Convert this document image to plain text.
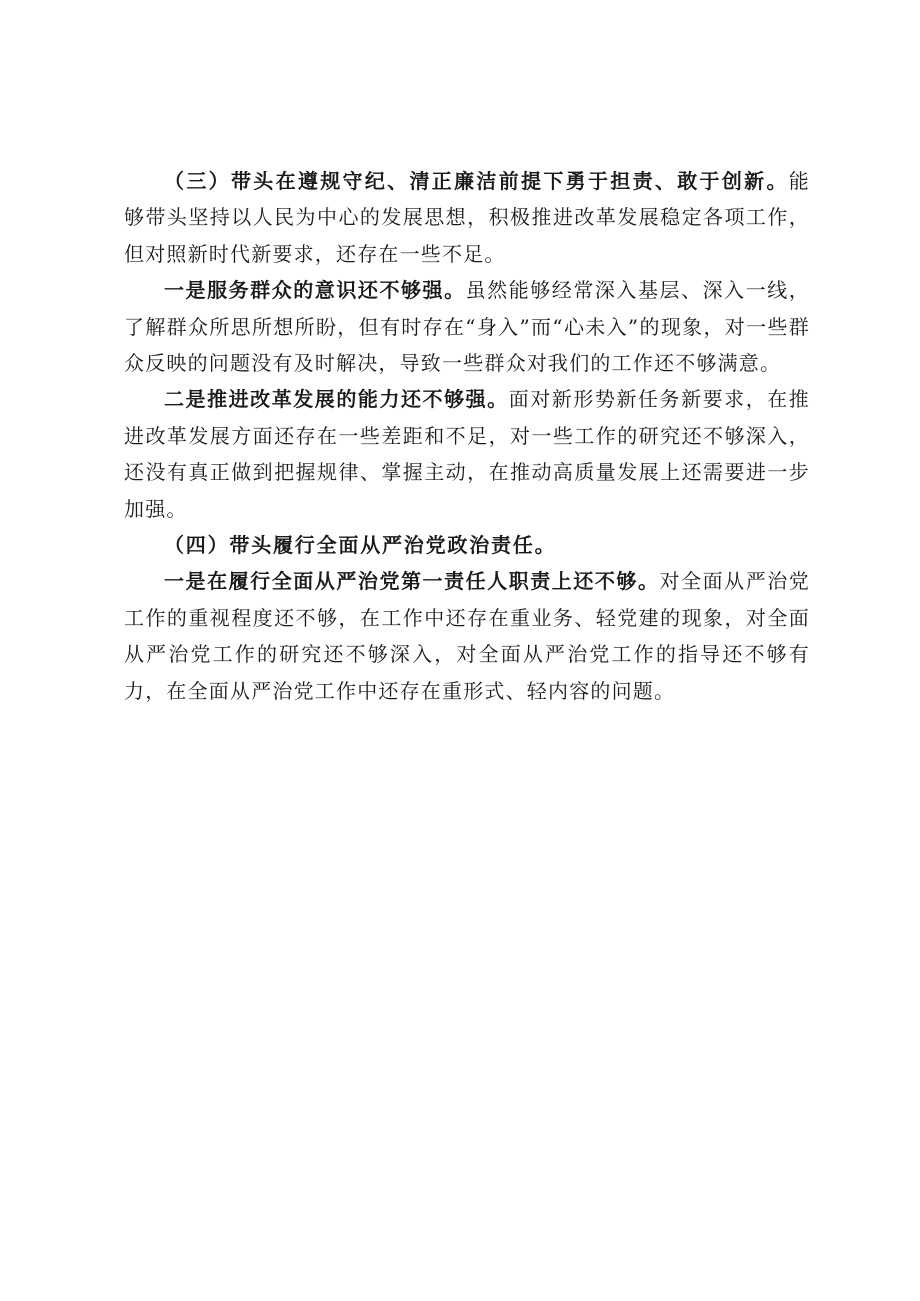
（三）带头在遵规守纪、清正廉洁前提下勇于担责、敢于创新。能够带头坚持以人民为中心的发展思想，积极推进改革发展稳定各项工作，但对照新时代新要求，还存在一些不足。

一是服务群众的意识还不够强。虽然能够经常深入基层、深入一线，了解群众所思所想所盼，但有时存在“身入”而“心未入”的现象，对一些群众反映的问题没有及时解决，导致一些群众对我们的工作还不够满意。

二是推进改革发展的能力还不够强。面对新形势新任务新要求，在推进改革发展方面还存在一些差距和不足，对一些工作的研究还不够深入，还没有真正做到把握规律、掌握主动，在推动高质量发展上还需要进一步加强。

（四）带头履行全面从严治党政治责任。

一是在履行全面从严治党第一责任人职责上还不够。对全面从严治党工作的重视程度还不够，在工作中还存在重业务、轻党建的现象，对全面从严治党工作的研究还不够深入，对全面从严治党工作的指导还不够有力，在全面从严治党工作中还存在重形式、轻内容的问题。
